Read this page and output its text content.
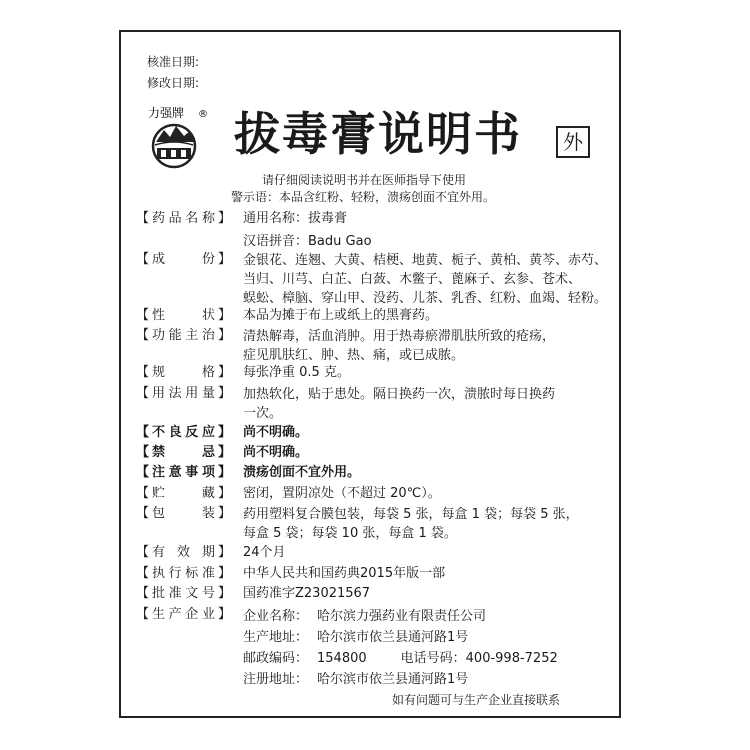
核准日期:
修改日期:
力强牌 ® 拔毒膏说明书	外
请仔细阅读说明书并在医师指导下使用
警示语：本品含红粉、轻粉，溃疡创面不宜外用。
【 药 品 名 称 】 通用名称：拔毒膏
汉语拼音：Badu Gao
【 成	份 】 金银花、连翘、大黄、桔梗、地黄、栀子、黄柏、黄芩、赤芍、
当归、川芎、白芷、白蔹、木鳖子、蓖麻子、玄参、苍术、
蜈蚣、樟脑、穿山甲、没药、儿茶、乳香、红粉、血竭、轻粉。
【 性	状 】 本品为摊于布上或纸上的黑膏药。
【 功 能 主 治 】 清热解毒，活血消肿。用于热毒瘀滞肌肤所致的疮疡，
症见肌肤红、肿、热、痛，或已成脓。
【 规	格 】 每张净重 0.5 克。
【 用 法 用 量 】 加热软化，贴于患处。隔日换药一次，溃脓时每日换药
一次。
【 不 良 反 应 】 尚不明确。
【 禁	忌 】 尚不明确。
【 注 意 事 项 】 溃疡创面不宜外用。
【 贮	藏 】 密闭，置阴凉处（不超过 20℃）。
【 包	装 】 药用塑料复合膜包装，每袋 5 张，每盒 1 袋；每袋 5 张，
每盒 5 袋；每袋 10 张，每盒 1 袋。
【 有 效 期 】 24个月
【 执 行 标 准 】 中华人民共和国药典2015年版一部
【 批 准 文 号 】 国药准字Z23021567
【 生 产 企 业 】 企业名称： 哈尔滨力强药业有限责任公司
生产地址： 哈尔滨市依兰县通河路1号
邮政编码： 154800	电话号码： 400-998-7252
注册地址： 哈尔滨市依兰县通河路1号
如有问题可与生产企业直接联系
